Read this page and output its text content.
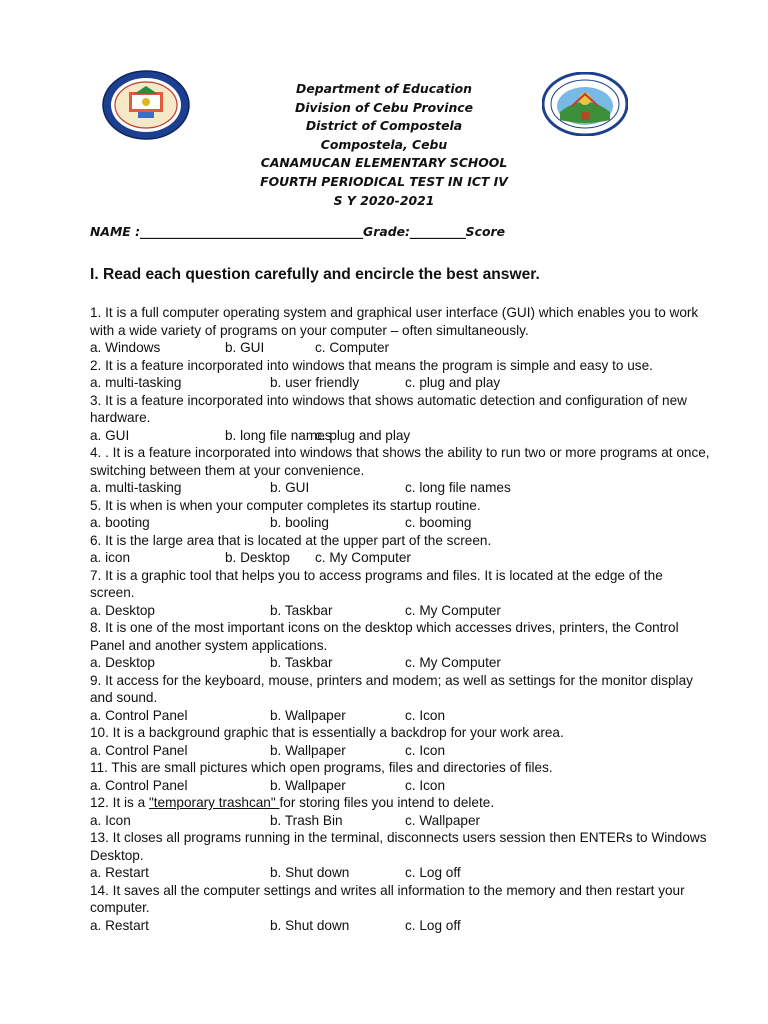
Department of Education
Division of Cebu Province
District of Compostela
Compostela, Cebu
CANAMUCAN ELEMENTARY SCHOOL
FOURTH PERIODICAL TEST IN ICT IV
S Y 2020-2021
NAME :____________________________________Grade:_________Score
I. Read each question carefully and encircle the best answer.
1. It is a full computer operating system and graphical user interface (GUI) which enables you to work with a wide variety of programs on your computer – often simultaneously.
a. Windows	b. GUI	c. Computer
2. It is a feature incorporated into windows that means the program is simple and easy to use.
a. multi-tasking	b. user friendly	c. plug and play
3. It is a feature incorporated into windows that shows automatic detection and configuration of new hardware.
a. GUI	b. long file names
c. plug and play
4. . It is a feature incorporated into windows that shows the ability to run two or more programs at once, switching between them at your convenience.
a. multi-tasking	b. GUI	c. long file names
5. It is when is when your computer completes its startup routine.
a. booting	b. booling	c. booming
6. It is the large area that is located at the upper part of the screen.
a. icon	b. Desktop c. My Computer
7. It is a graphic tool that helps you to access programs and files. It is located at the edge of the screen.
a. Desktop	b. Taskbar	c. My Computer
8. It is one of the most important icons on the desktop which accesses drives, printers, the Control Panel and another system applications.
a. Desktop	b. Taskbar	c. My Computer
9. It access for the keyboard, mouse, printers and modem; as well as settings for the monitor display and sound.
a. Control Panel	b. Wallpaper	c. Icon
10. It is a background graphic that is essentially a backdrop for your work area.
a. Control Panel	b. Wallpaper	c. Icon
11. This are small pictures which open programs, files and directories of files.
a. Control Panel	b. Wallpaper	c. Icon
12. It is a "temporary trashcan" for storing files you intend to delete.
a. Icon	b. Trash Bin	c. Wallpaper
13. It closes all programs running in the terminal, disconnects users session then ENTERs to Windows Desktop.
a. Restart	b. Shut down	c. Log off
14. It saves all the computer settings and writes all information to the memory and then restart your computer.
a. Restart	b. Shut down	c. Log off
